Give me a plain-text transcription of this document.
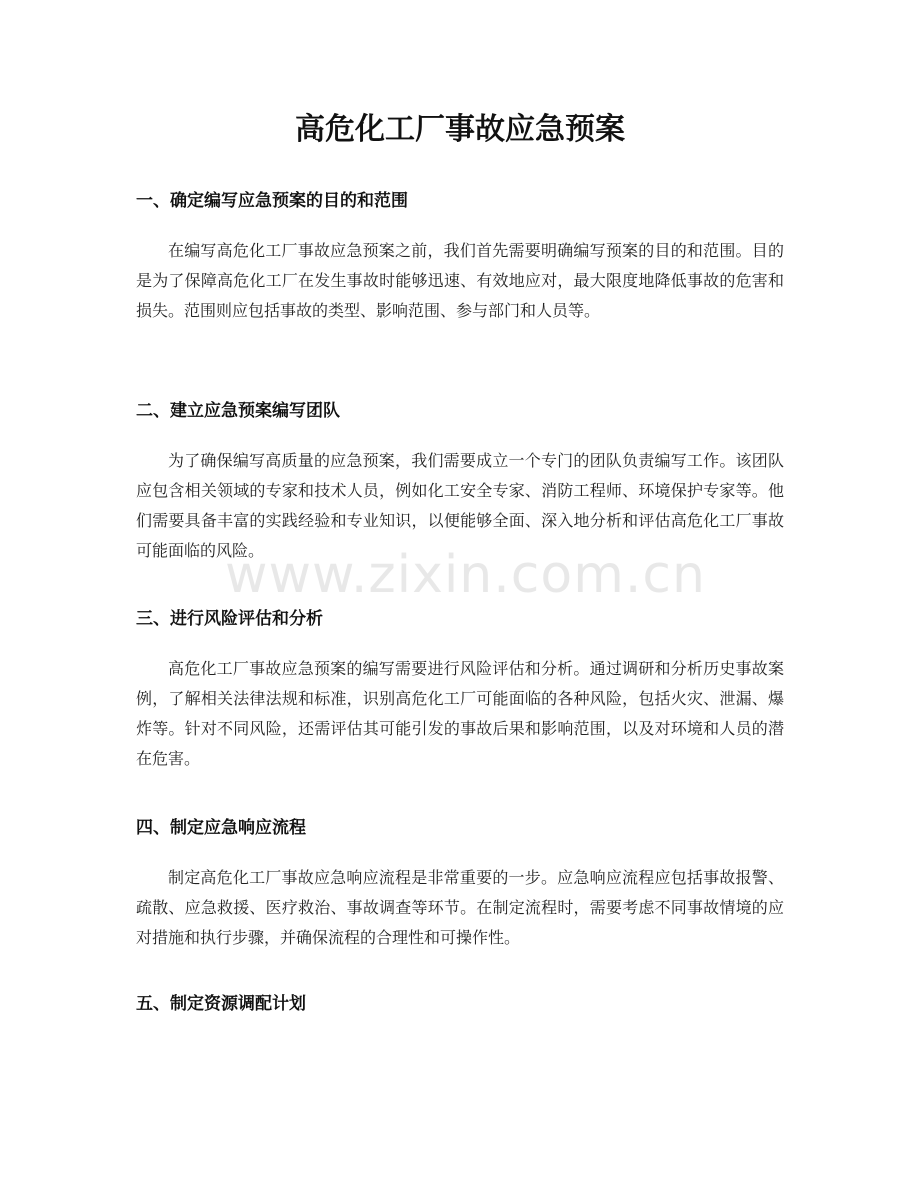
高危化工厂事故应急预案
一、确定编写应急预案的目的和范围

在编写高危化工厂事故应急预案之前，我们首先需要明确编写预案的目的和范围。目的是为了保障高危化工厂在发生事故时能够迅速、有效地应对，最大限度地降低事故的危害和损失。范围则应包括事故的类型、影响范围、参与部门和人员等。

二、建立应急预案编写团队

为了确保编写高质量的应急预案，我们需要成立一个专门的团队负责编写工作。该团队应包含相关领域的专家和技术人员，例如化工安全专家、消防工程师、环境保护专家等。他们需要具备丰富的实践经验和专业知识，以便能够全面、深入地分析和评估高危化工厂事故可能面临的风险。

三、进行风险评估和分析

高危化工厂事故应急预案的编写需要进行风险评估和分析。通过调研和分析历史事故案例，了解相关法律法规和标准，识别高危化工厂可能面临的各种风险，包括火灾、泄漏、爆炸等。针对不同风险，还需评估其可能引发的事故后果和影响范围，以及对环境和人员的潜在危害。

四、制定应急响应流程

制定高危化工厂事故应急响应流程是非常重要的一步。应急响应流程应包括事故报警、疏散、应急救援、医疗救治、事故调查等环节。在制定流程时，需要考虑不同事故情境的应对措施和执行步骤，并确保流程的合理性和可操作性。

五、制定资源调配计划
www.zixin.com.cn
